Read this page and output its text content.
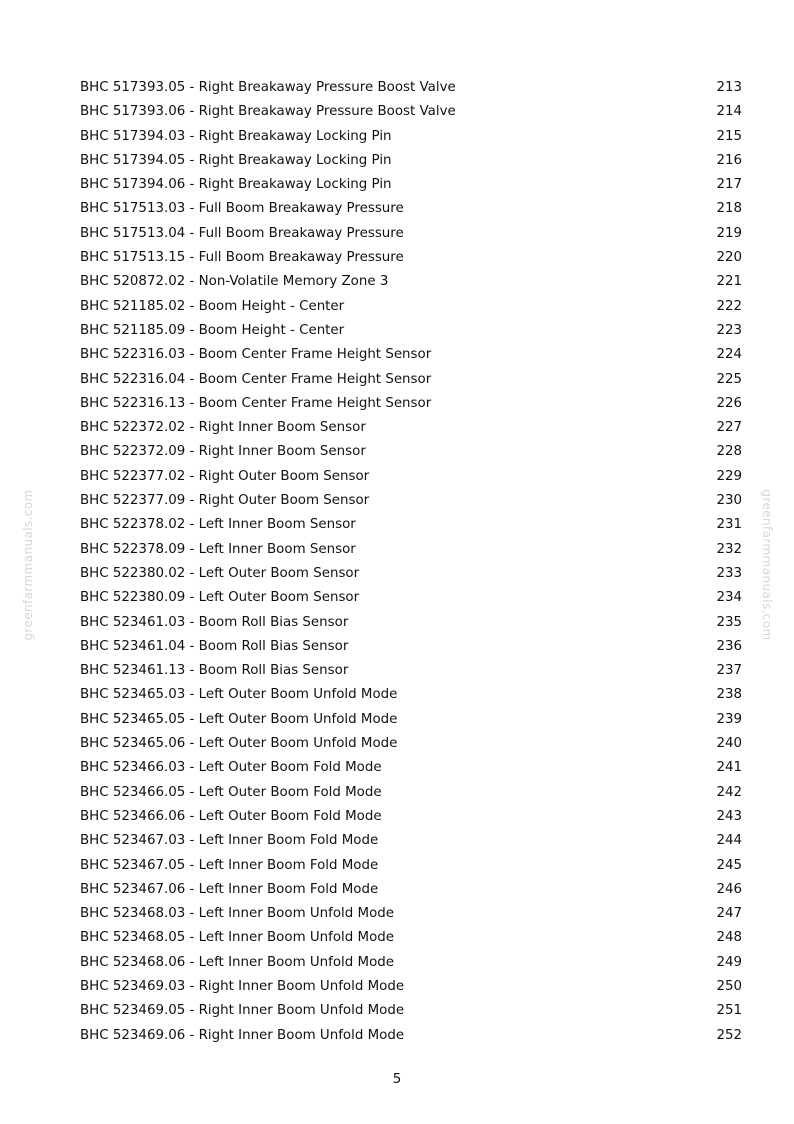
greenfarmmanuals.com	greenfarmmanuals.com
BHC 517393.05 - Right Breakaway Pressure Boost Valve	213
BHC 517393.06 - Right Breakaway Pressure Boost Valve	214
BHC 517394.03 - Right Breakaway Locking Pin	215
BHC 517394.05 - Right Breakaway Locking Pin	216
BHC 517394.06 - Right Breakaway Locking Pin	217
BHC 517513.03 - Full Boom Breakaway Pressure	218
BHC 517513.04 - Full Boom Breakaway Pressure	219
BHC 517513.15 - Full Boom Breakaway Pressure	220
BHC 520872.02 - Non-Volatile Memory Zone 3	221
BHC 521185.02 - Boom Height - Center	222
BHC 521185.09 - Boom Height - Center	223
BHC 522316.03 - Boom Center Frame Height Sensor	224
BHC 522316.04 - Boom Center Frame Height Sensor	225
BHC 522316.13 - Boom Center Frame Height Sensor	226
BHC 522372.02 - Right Inner Boom Sensor	227
BHC 522372.09 - Right Inner Boom Sensor	228
BHC 522377.02 - Right Outer Boom Sensor	229
BHC 522377.09 - Right Outer Boom Sensor	230
BHC 522378.02 - Left Inner Boom Sensor	231
BHC 522378.09 - Left Inner Boom Sensor	232
BHC 522380.02 - Left Outer Boom Sensor	233
BHC 522380.09 - Left Outer Boom Sensor	234
BHC 523461.03 - Boom Roll Bias Sensor	235
BHC 523461.04 - Boom Roll Bias Sensor	236
BHC 523461.13 - Boom Roll Bias Sensor	237
BHC 523465.03 - Left Outer Boom Unfold Mode	238
BHC 523465.05 - Left Outer Boom Unfold Mode	239
BHC 523465.06 - Left Outer Boom Unfold Mode	240
BHC 523466.03 - Left Outer Boom Fold Mode	241
BHC 523466.05 - Left Outer Boom Fold Mode	242
BHC 523466.06 - Left Outer Boom Fold Mode	243
BHC 523467.03 - Left Inner Boom Fold Mode	244
BHC 523467.05 - Left Inner Boom Fold Mode	245
BHC 523467.06 - Left Inner Boom Fold Mode	246
BHC 523468.03 - Left Inner Boom Unfold Mode	247
BHC 523468.05 - Left Inner Boom Unfold Mode	248
BHC 523468.06 - Left Inner Boom Unfold Mode	249
BHC 523469.03 - Right Inner Boom Unfold Mode	250
BHC 523469.05 - Right Inner Boom Unfold Mode	251
BHC 523469.06 - Right Inner Boom Unfold Mode	252
5
